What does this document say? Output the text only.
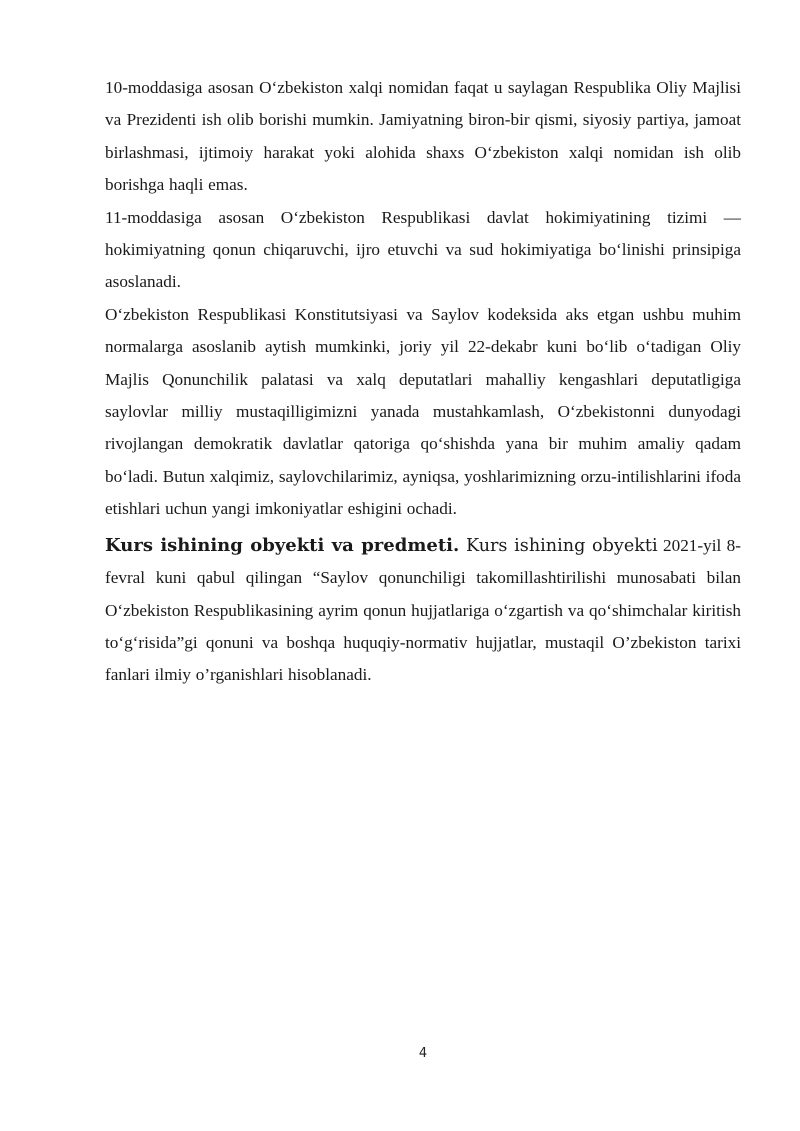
10-moddasiga asosan O‘zbekiston xalqi nomidan faqat u saylagan Respublika Oliy Majlisi va Prezidenti ish olib borishi mumkin. Jamiyatning biron-bir qismi, siyosiy partiya, jamoat birlashmasi, ijtimoiy harakat yoki alohida shaxs O‘zbekiston xalqi nomidan ish olib borishga haqli emas.

11-moddasiga asosan O‘zbekiston Respublikasi davlat hokimiyatining tizimi — hokimiyatning qonun chiqaruvchi, ijro etuvchi va sud hokimiyatiga bo‘linishi prinsipiga asoslanadi.

O‘zbekiston Respublikasi Konstitutsiyasi va Saylov kodeksida aks etgan ushbu muhim normalarga asoslanib aytish mumkinki, joriy yil 22-dekabr kuni bo‘lib o‘tadigan Oliy Majlis Qonunchilik palatasi va xalq deputatlari mahalliy kengashlari deputatligiga saylovlar milliy mustaqilligimizni yanada mustahkamlash, O‘zbekistonni dunyodagi rivojlangan demokratik davlatlar qatoriga qo‘shishda yana bir muhim amaliy qadam bo‘ladi. Butun xalqimiz, saylovchilarimiz, ayniqsa, yoshlarimizning orzu-intilishlarini ifoda etishlari uchun yangi imkoniyatlar eshigini ochadi.

Kurs ishining obyekti va predmeti. Kurs ishining obyekti 2021-yil 8-fevral kuni qabul qilingan “Saylov qonunchiligi takomillashtirilishi munosabati bilan O‘zbekiston Respublikasining ayrim qonun hujjatlariga o‘zgartish va qo‘shimchalar kiritish to‘g‘risida”gi qonuni va boshqa huquqiy-normativ hujjatlar, mustaqil O’zbekiston tarixi fanlari ilmiy o’rganishlari hisoblanadi.

4
